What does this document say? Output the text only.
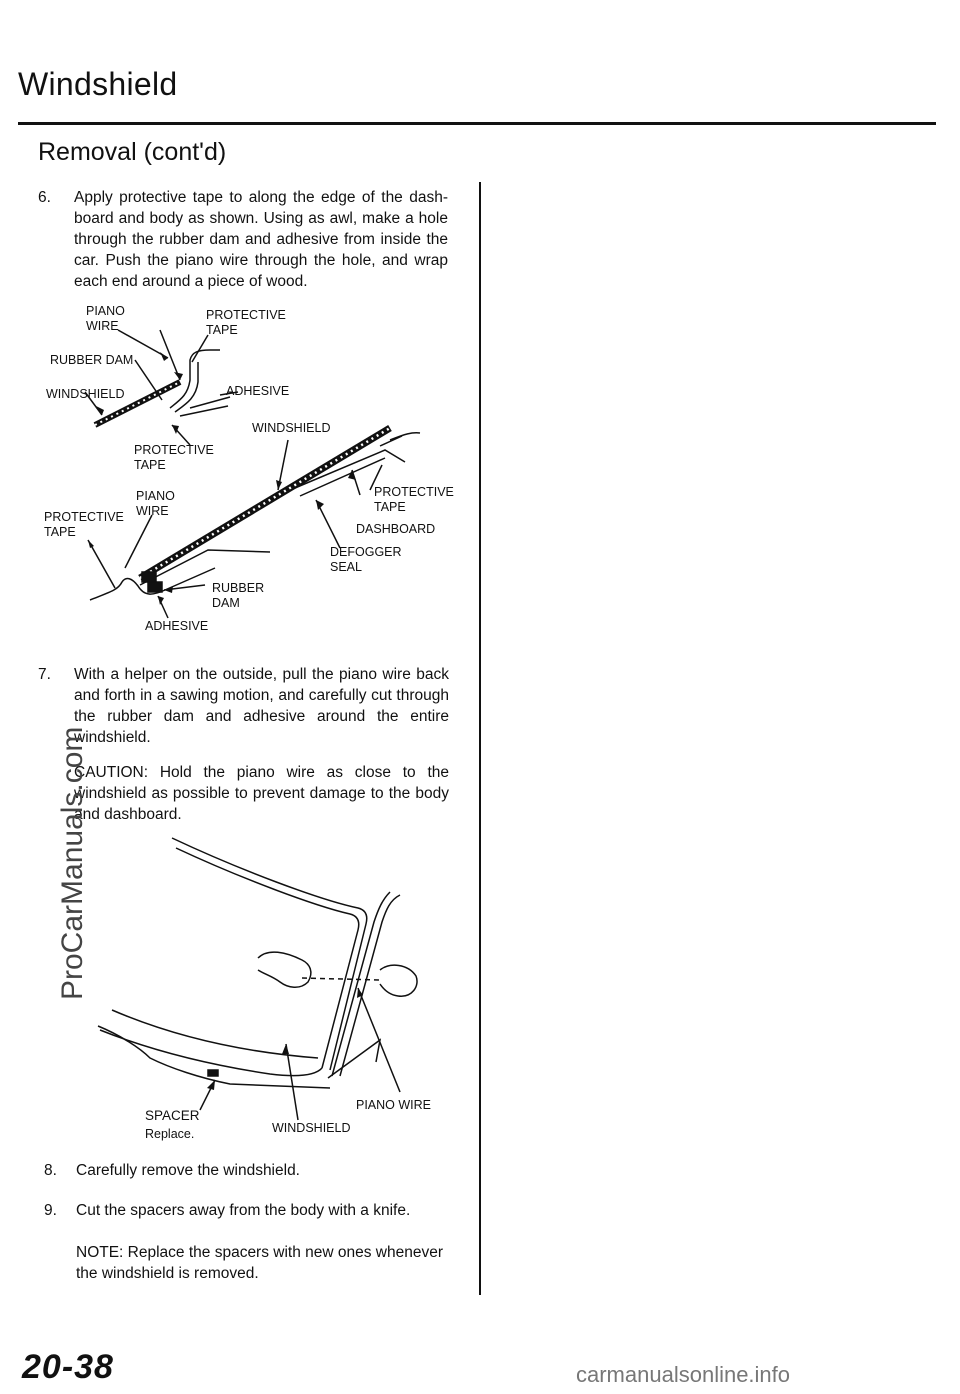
Windshield
Removal (cont'd)
6. Apply protective tape to along the edge of the dash-board and body as shown. Using as awl, make a hole through the rubber dam and adhesive from inside the car. Push the piano wire through the hole, and wrap each end around a piece of wood.
PIANO
WIRE
PROTECTIVE
TAPE
RUBBER DAM
WINDSHIELD	ADHESIVE
WINDSHIELD
PROTECTIVE
TAPE
PIANO
WIRE
PROTECTIVE
TAPE
PROTECTIVE
TAPE
DASHBOARD
DEFOGGER
SEAL
RUBBER
DAM
ADHESIVE
7. With a helper on the outside, pull the piano wire back and forth in a sawing motion, and carefully cut through the rubber dam and adhesive around the entire windshield.
CAUTION: Hold the piano wire as close to the windshield as possible to prevent damage to the body and dashboard.
SPACER
Replace.	WINDSHIELD
PIANO WIRE
8. Carefully remove the windshield.
9. Cut the spacers away from the body with a knife.
NOTE: Replace the spacers with new ones whenever the windshield is removed.
ProCarManuals.com
20-38	carmanualsonline.info
